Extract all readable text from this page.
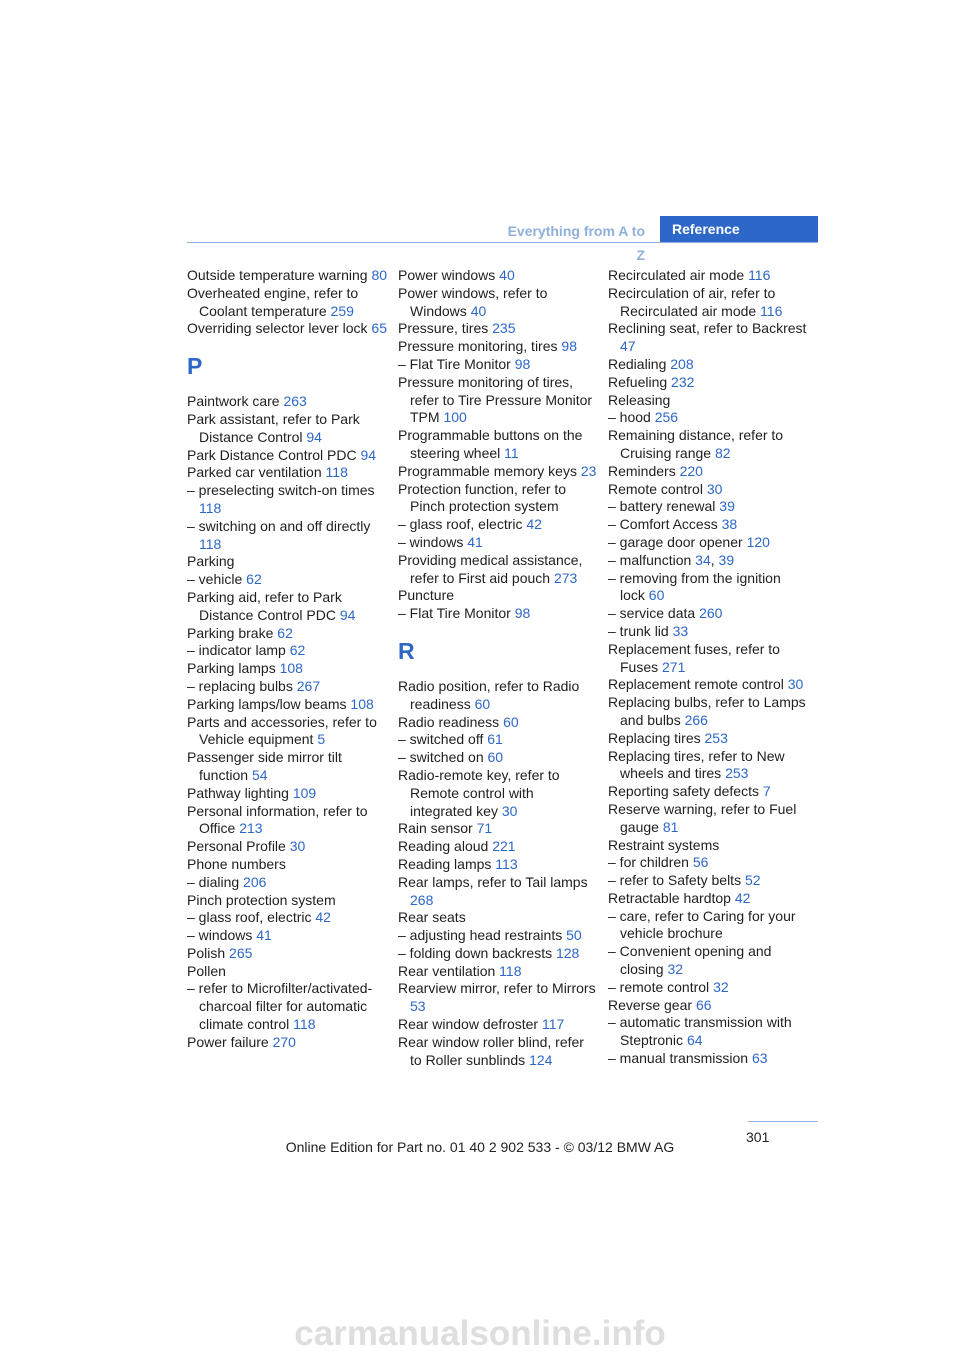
Everything from A to Z
Reference
Outside temperature warning 80
Overheated engine, refer to Coolant temperature 259
Overriding selector lever lock 65
P
Paintwork care 263
Park assistant, refer to Park Distance Control 94
Park Distance Control PDC 94
Parked car ventilation 118
– preselecting switch-on times 118
– switching on and off directly 118
Parking
– vehicle 62
Parking aid, refer to Park Distance Control PDC 94
Parking brake 62
– indicator lamp 62
Parking lamps 108
– replacing bulbs 267
Parking lamps/low beams 108
Parts and accessories, refer to Vehicle equipment 5
Passenger side mirror tilt function 54
Pathway lighting 109
Personal information, refer to Office 213
Personal Profile 30
Phone numbers
– dialing 206
Pinch protection system
– glass roof, electric 42
– windows 41
Polish 265
Pollen
– refer to Microfilter/activated-charcoal filter for automatic climate control 118
Power failure 270
Power windows 40
Power windows, refer to Windows 40
Pressure, tires 235
Pressure monitoring, tires 98
– Flat Tire Monitor 98
Pressure monitoring of tires, refer to Tire Pressure Monitor TPM 100
Programmable buttons on the steering wheel 11
Programmable memory keys 23
Protection function, refer to Pinch protection system
– glass roof, electric 42
– windows 41
Providing medical assistance, refer to First aid pouch 273
Puncture
– Flat Tire Monitor 98
R
Radio position, refer to Radio readiness 60
Radio readiness 60
– switched off 61
– switched on 60
Radio-remote key, refer to Remote control with integrated key 30
Rain sensor 71
Reading aloud 221
Reading lamps 113
Rear lamps, refer to Tail lamps 268
Rear seats
– adjusting head restraints 50
– folding down backrests 128
Rear ventilation 118
Rearview mirror, refer to Mirrors 53
Rear window defroster 117
Rear window roller blind, refer to Roller sunblinds 124
Recirculated air mode 116
Recirculation of air, refer to Recirculated air mode 116
Reclining seat, refer to Backrest 47
Redialing 208
Refueling 232
Releasing
– hood 256
Remaining distance, refer to Cruising range 82
Reminders 220
Remote control 30
– battery renewal 39
– Comfort Access 38
– garage door opener 120
– malfunction 34, 39
– removing from the ignition lock 60
– service data 260
– trunk lid 33
Replacement fuses, refer to Fuses 271
Replacement remote control 30
Replacing bulbs, refer to Lamps and bulbs 266
Replacing tires 253
Replacing tires, refer to New wheels and tires 253
Reporting safety defects 7
Reserve warning, refer to Fuel gauge 81
Restraint systems
– for children 56
– refer to Safety belts 52
Retractable hardtop 42
– care, refer to Caring for your vehicle brochure
– Convenient opening and closing 32
– remote control 32
Reverse gear 66
– automatic transmission with Steptronic 64
– manual transmission 63
301
Online Edition for Part no. 01 40 2 902 533 - © 03/12 BMW AG
carmanualsonline.info
